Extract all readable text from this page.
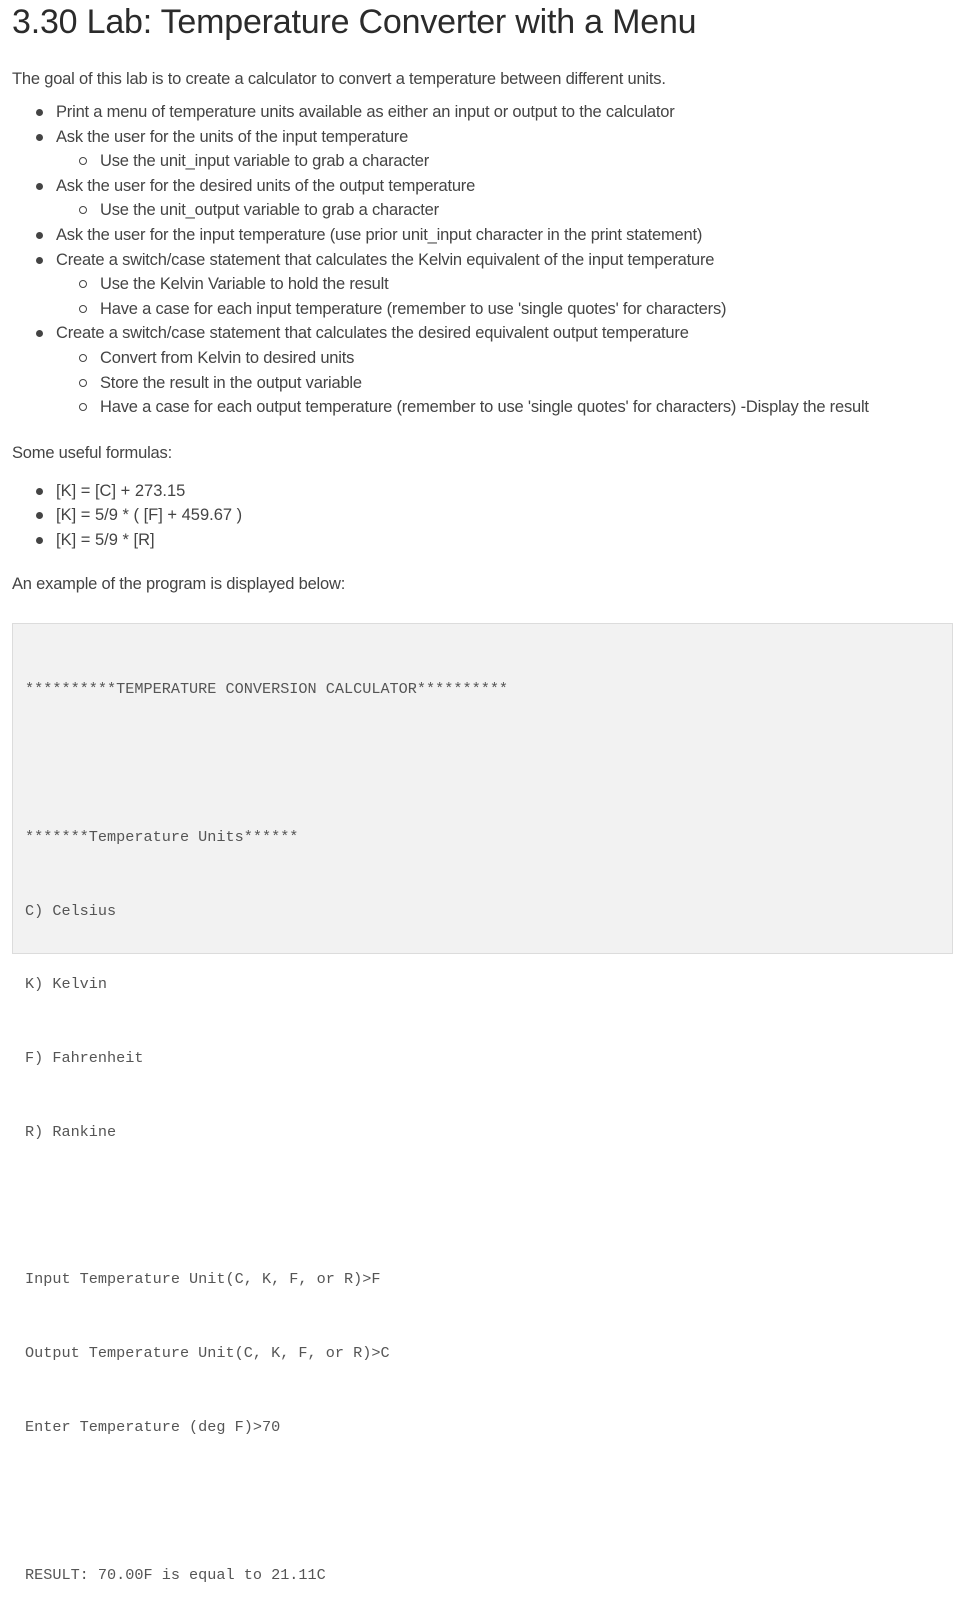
3.30 Lab: Temperature Converter with a Menu

The goal of this lab is to create a calculator to convert a temperature between different units.

Print a menu of temperature units available as either an input or output to the calculator
Ask the user for the units of the input temperature
Use the unit_input variable to grab a character
Ask the user for the desired units of the output temperature
Use the unit_output variable to grab a character
Ask the user for the input temperature (use prior unit_input character in the print statement)
Create a switch/case statement that calculates the Kelvin equivalent of the input temperature
Use the Kelvin Variable to hold the result
Have a case for each input temperature (remember to use 'single quotes' for characters)
Create a switch/case statement that calculates the desired equivalent output temperature
Convert from Kelvin to desired units
Store the result in the output variable
Have a case for each output temperature (remember to use 'single quotes' for characters) -Display the result

Some useful formulas:

[K] = [C] + 273.15
[K] = 5/9 * ( [F] + 459.67 )
[K] = 5/9 * [R]

An example of the program is displayed below:

**********TEMPERATURE CONVERSION CALCULATOR**********

*******Temperature Units******

C) Celsius

K) Kelvin

F) Fahrenheit

R) Rankine

Input Temperature Unit(C, K, F, or R)>F

Output Temperature Unit(C, K, F, or R)>C

Enter Temperature (deg F)>70

RESULT: 70.00F is equal to 21.11C
